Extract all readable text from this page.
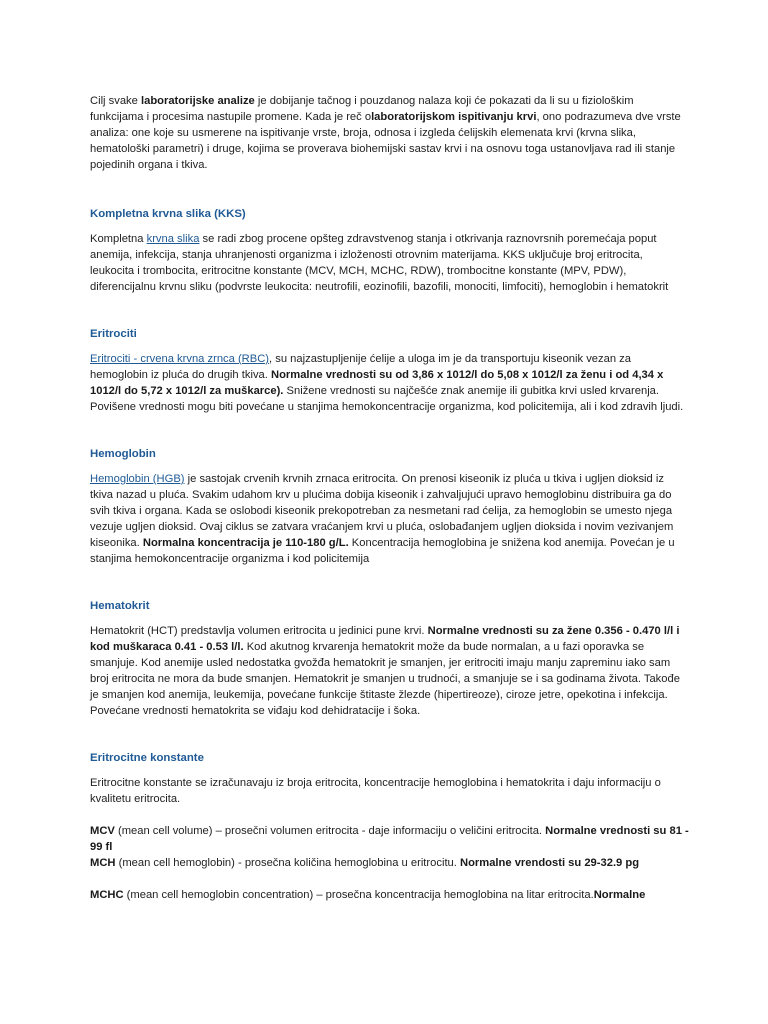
Cilj svake laboratorijske analize je dobijanje tačnog i pouzdanog nalaza koji će pokazati da li su u fiziološkim funkcijama i procesima nastupile promene. Kada je reč olaboratorijskom ispitivanju krvi, ono podrazumeva dve vrste analiza: one koje su usmerene na ispitivanje vrste, broja, odnosa i izgleda ćelijskih elemenata krvi (krvna slika, hematološki parametri) i druge, kojima se proverava biohemijski sastav krvi i na osnovu toga ustanovljava rad ili stanje pojedinih organa i tkiva.

Kompletna krvna slika (KKS)

Kompletna krvna slika se radi zbog procene opšteg zdravstvenog stanja i otkrivanja raznovrsnih poremećaja poput anemija, infekcija, stanja uhranjenosti organizma i izloženosti otrovnim materijama. KKS uključuje broj eritrocita, leukocita i trombocita, eritrocitne konstante (MCV, MCH, MCHC, RDW), trombocitne konstante (MPV, PDW), diferencijalnu krvnu sliku (podvrste leukocita: neutrofili, eozinofili, bazofili, monociti, limfociti), hemoglobin i hematokrit

Eritrociti

Eritrociti - crvena krvna zrnca (RBC), su najzastupljenije ćelije a uloga im je da transportuju kiseonik vezan za hemoglobin iz pluća do drugih tkiva. Normalne vrednosti su od 3,86 x 1012/l do 5,08 x 1012/l za ženu i od 4,34 x 1012/l do 5,72 x 1012/l za muškarce). Snižene vrednosti su najčešće znak anemije ili gubitka krvi usled krvarenja. Povišene vrednosti mogu biti povećane u stanjima hemokoncentracije organizma, kod policitemija, ali i kod zdravih ljudi.

Hemoglobin

Hemoglobin (HGB) je sastojak crvenih krvnih zrnaca eritrocita. On prenosi kiseonik iz pluća u tkiva i ugljen dioksid iz tkiva nazad u pluća. Svakim udahom krv u plućima dobija kiseonik i zahvaljujući upravo hemoglobinu distribuira ga do svih tkiva i organa. Kada se oslobodi kiseonik prekopotreban za nesmetani rad ćelija, za hemoglobin se umesto njega vezuje ugljen dioksid. Ovaj ciklus se zatvara vraćanjem krvi u pluća, oslobađanjem ugljen dioksida i novim vezivanjem kiseonika. Normalna koncentracija je 110-180 g/L. Koncentracija hemoglobina je snižena kod anemija. Povećan je u stanjima hemokoncentracije organizma i kod policitemija

Hematokrit

Hematokrit (HCT) predstavlja volumen eritrocita u jedinici pune krvi. Normalne vrednosti su za žene 0.356 - 0.470 l/l i kod muškaraca 0.41 - 0.53 l/l. Kod akutnog krvarenja hematokrit može da bude normalan, a u fazi oporavka se smanjuje. Kod anemije usled nedostatka gvožđa hematokrit je smanjen, jer eritrociti imaju manju zapreminu iako sam broj eritrocita ne mora da bude smanjen. Hematokrit je smanjen u trudnoći, a smanjuje se i sa godinama života. Takođe je smanjen kod anemija, leukemija, povećane funkcije štitaste žlezde (hipertireoze), ciroze jetre, opekotina i infekcija. Povećane vrednosti hematokrita se viđaju kod dehidratacije i šoka.

Eritrocitne konstante

Eritrocitne konstante se izračunavaju iz broja eritrocita, koncentracije hemoglobina i hematokrita i daju informaciju o kvalitetu eritrocita.

MCV (mean cell volume) – prosečni volumen eritrocita - daje informaciju o veličini eritrocita. Normalne vrednosti su 81 - 99 fl

MCH (mean cell hemoglobin) - prosečna količina hemoglobina u eritrocitu. Normalne vrendosti su 29-32.9 pg

MCHC (mean cell hemoglobin concentration) – prosečna koncentracija hemoglobina na litar eritrocita.Normalne
